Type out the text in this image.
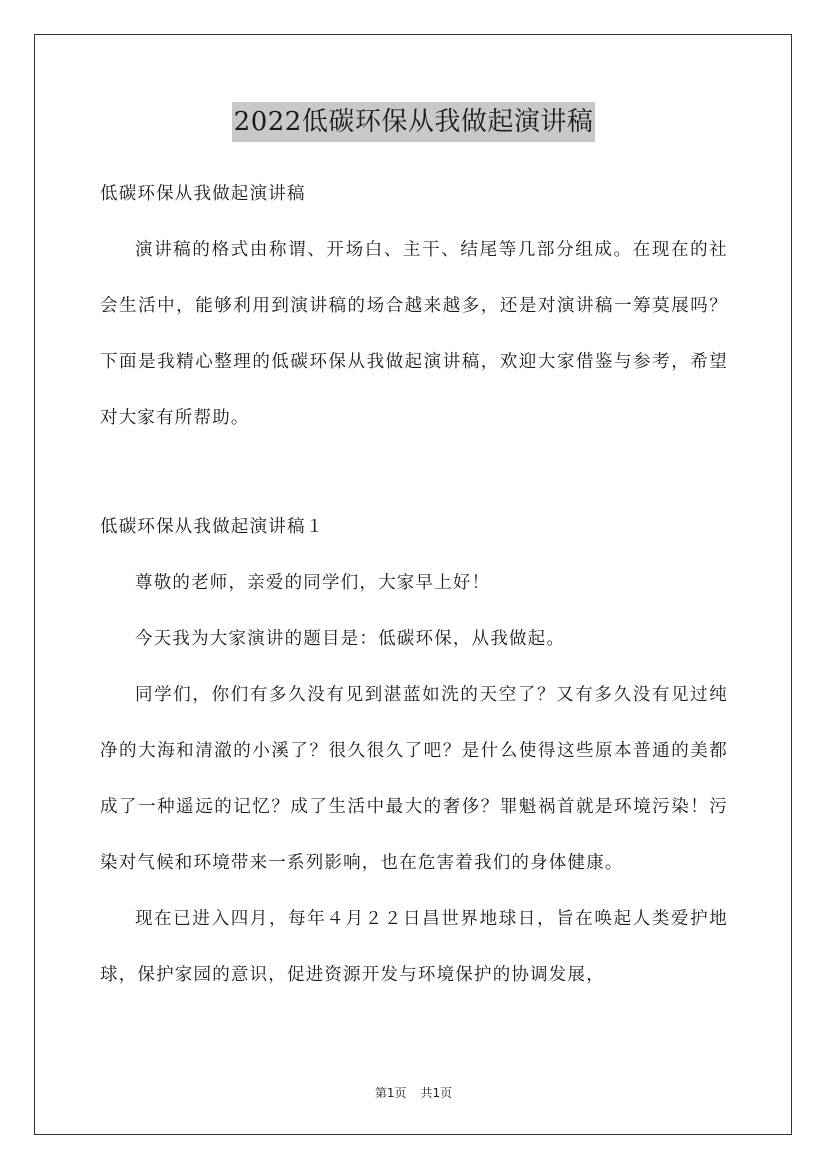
2022低碳环保从我做起演讲稿

低碳环保从我做起演讲稿

演讲稿的格式由称谓、开场白、主干、结尾等几部分组成。在现在的社会生活中，能够利用到演讲稿的场合越来越多，还是对演讲稿一筹莫展吗？下面是我精心整理的低碳环保从我做起演讲稿，欢迎大家借鉴与参考，希望对大家有所帮助。

低碳环保从我做起演讲稿１

尊敬的老师，亲爱的同学们，大家早上好！

今天我为大家演讲的题目是：低碳环保，从我做起。

同学们，你们有多久没有见到湛蓝如洗的天空了？又有多久没有见过纯净的大海和清澈的小溪了？很久很久了吧？是什么使得这些原本普通的美都成了一种遥远的记忆？成了生活中最大的奢侈？罪魁祸首就是环境污染！污染对气候和环境带来一系列影响，也在危害着我们的身体健康。

现在已进入四月，每年４月２２日昌世界地球日，旨在唤起人类爱护地球，保护家园的意识，促进资源开发与环境保护的协调发展，

第1页 共1页
